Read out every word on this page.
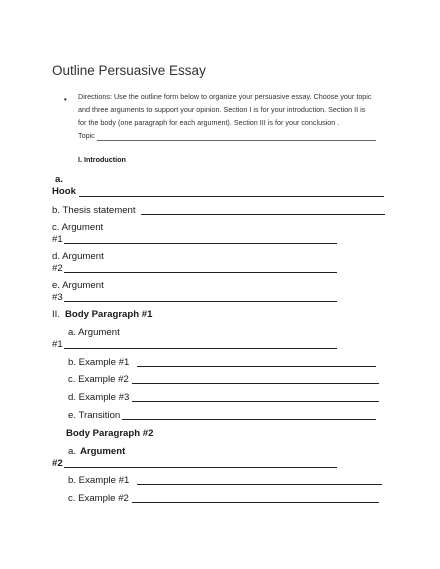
Outline Persuasive Essay
• Directions: Use the outline form below to organize your persuasive essay. Choose your topic
and three arguments to support your opinion. Section I is for your introduction. Section II is
for the body (one paragraph for each argument). Section III is for your conclusion .
Topic
I. Introduction
a.
Hook
b. Thesis statement
c. Argument
#1
d. Argument
#2
e. Argument
#3
II. Body Paragraph #1
a. Argument
#1
b. Example #1
c. Example #2
d. Example #3
e. Transition
Body Paragraph #2
a. Argument
#2
b. Example #1
c. Example #2
